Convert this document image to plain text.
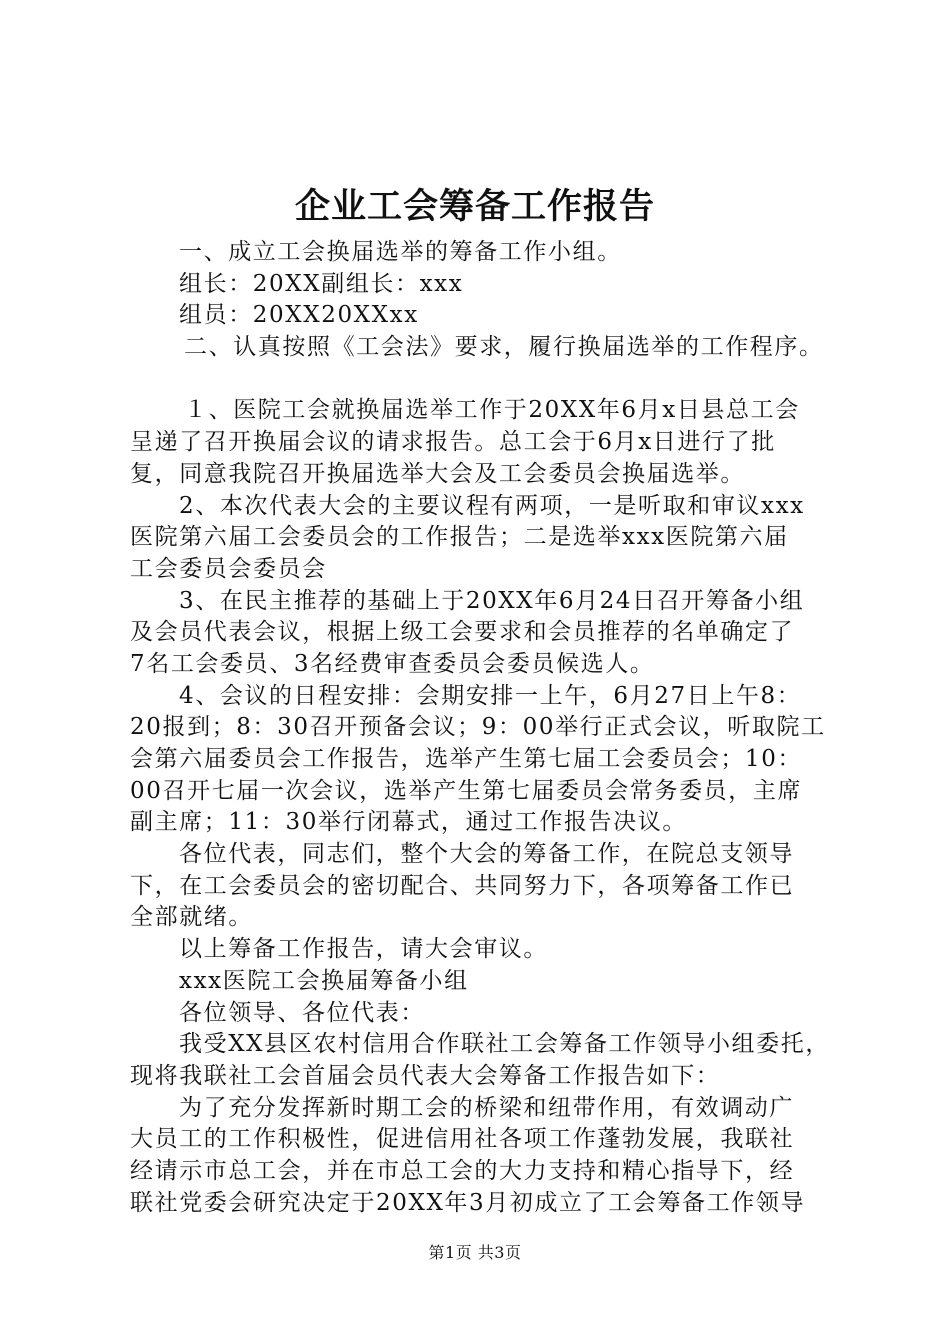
企业工会筹备工作报告
一、成立工会换届选举的筹备工作小组。
组长：20XX副组长：xxx
组员：20XX20XXxx
二、认真按照《工会法》要求，履行换届选举的工作程序。
１、医院工会就换届选举工作于20XX年6月x日县总工会
呈递了召开换届会议的请求报告。总工会于6月x日进行了批
复，同意我院召开换届选举大会及工会委员会换届选举。
2、本次代表大会的主要议程有两项，一是听取和审议xxx
医院第六届工会委员会的工作报告；二是选举xxx医院第六届
工会委员会委员会
3、在民主推荐的基础上于20XX年6月24日召开筹备小组
及会员代表会议，根据上级工会要求和会员推荐的名单确定了
7名工会委员、3名经费审查委员会委员候选人。
4、会议的日程安排：会期安排一上午，6月27日上午8：
20报到；8：30召开预备会议；9：00举行正式会议，听取院工
会第六届委员会工作报告，选举产生第七届工会委员会；10：
00召开七届一次会议，选举产生第七届委员会常务委员，主席
副主席；11：30举行闭幕式，通过工作报告决议。
各位代表，同志们，整个大会的筹备工作，在院总支领导
下，在工会委员会的密切配合、共同努力下，各项筹备工作已
全部就绪。
以上筹备工作报告，请大会审议。
xxx医院工会换届筹备小组
各位领导、各位代表：
我受XX县区农村信用合作联社工会筹备工作领导小组委托，
现将我联社工会首届会员代表大会筹备工作报告如下：
为了充分发挥新时期工会的桥梁和纽带作用，有效调动广
大员工的工作积极性，促进信用社各项工作蓬勃发展，我联社
经请示市总工会，并在市总工会的大力支持和精心指导下，经
联社党委会研究决定于20XX年3月初成立了工会筹备工作领导
第1页 共3页
